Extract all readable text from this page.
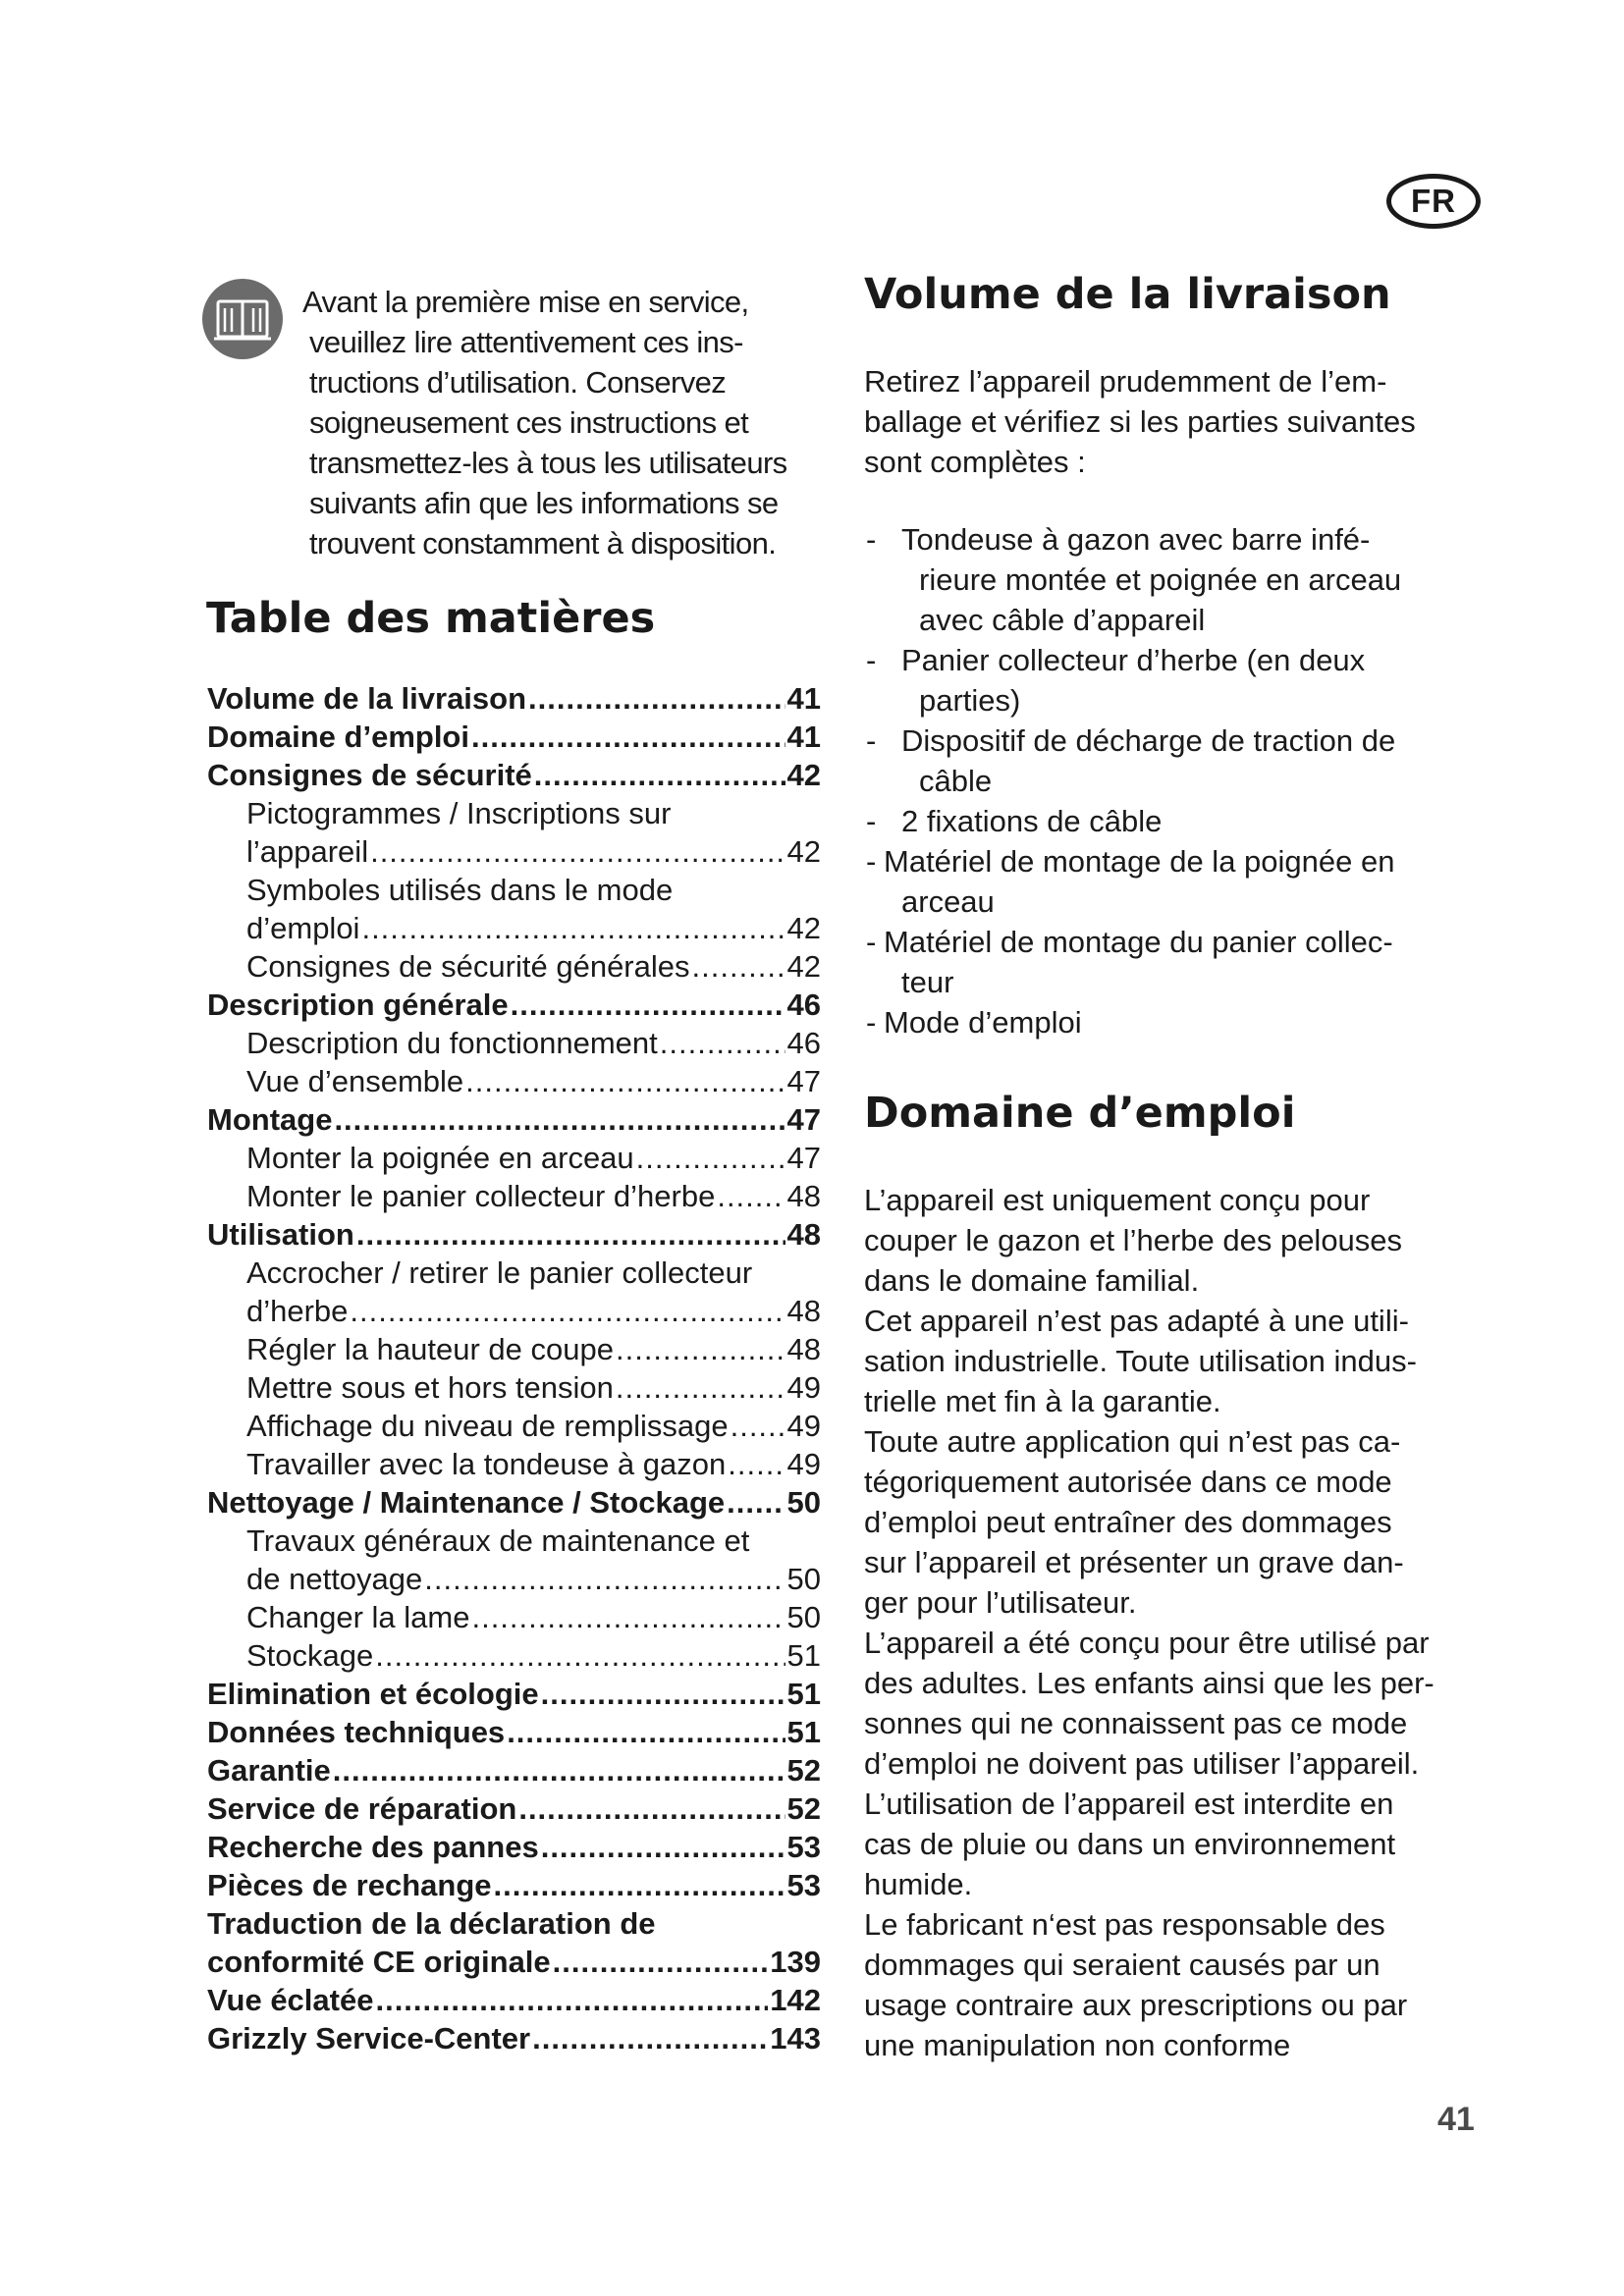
FR
Avant la première mise en service,
veuillez lire attentivement ces ins-
tructions d’utilisation. Conservez
soigneusement ces instructions et
transmettez-les à tous les utilisateurs
suivants afin que les informations se
trouvent constamment à disposition.
Table des matières
Volume de la livraison .....	41
Domaine d’emploi .....	41
Consignes de sécurité .....	42
Pictogrammes / Inscriptions sur
l’appareil .....	42
Symboles utilisés dans le mode
d’emploi .....	42
Consignes de sécurité générales .....	42
Description générale .....	46
Description du fonctionnement .....	46
Vue d’ensemble .....	47
Montage .....	47
Monter la poignée en arceau .....	47
Monter le panier collecteur d’herbe ..... 48
Utilisation .....	48
Accrocher / retirer le panier collecteur
d’herbe .....	48
Régler la hauteur de coupe .....	48
Mettre sous et hors tension .....	49
Affichage du niveau de remplissage ..... 49
Travailler avec la tondeuse à gazon ..... 49
Nettoyage / Maintenance / Stockage ..... 50
Travaux généraux de maintenance et
de nettoyage .....	50
Changer la lame .....	50
Stockage .....	51
Elimination et écologie .....	51
Données techniques .....	51
Garantie .....	52
Service de réparation .....	52
Recherche des pannes .....	53
Pièces de rechange .....	53
Traduction de la déclaration de
conformité CE originale .....	139
Vue éclatée .....	142
Grizzly Service-Center .....	143
Volume de la livraison
Retirez l’appareil prudemment de l’em-
ballage et vérifiez si les parties suivantes
sont complètes :
- Tondeuse à gazon avec barre infé-
rieure montée et poignée en arceau
avec câble d’appareil
- Panier collecteur d’herbe (en deux
parties)
- Dispositif de décharge de traction de
câble
- 2 fixations de câble
- Matériel de montage de la poignée en
arceau
- Matériel de montage du panier collec-
teur
- Mode d’emploi
Domaine d’emploi
L’appareil est uniquement conçu pour
couper le gazon et l’herbe des pelouses
dans le domaine familial.
Cet appareil n’est pas adapté à une utili-
sation industrielle. Toute utilisation indus-
trielle met fin à la garantie.
Toute autre application qui n’est pas ca-
tégoriquement autorisée dans ce mode
d’emploi peut entraîner des dommages
sur l’appareil et présenter un grave dan-
ger pour l’utilisateur.
L’appareil a été conçu pour être utilisé par
des adultes. Les enfants ainsi que les per-
sonnes qui ne connaissent pas ce mode
d’emploi ne doivent pas utiliser l’appareil.
L’utilisation de l’appareil est interdite en
cas de pluie ou dans un environnement
humide.
Le fabricant n‘est pas responsable des
dommages qui seraient causés par un
usage contraire aux prescriptions ou par
une manipulation non conforme
41
